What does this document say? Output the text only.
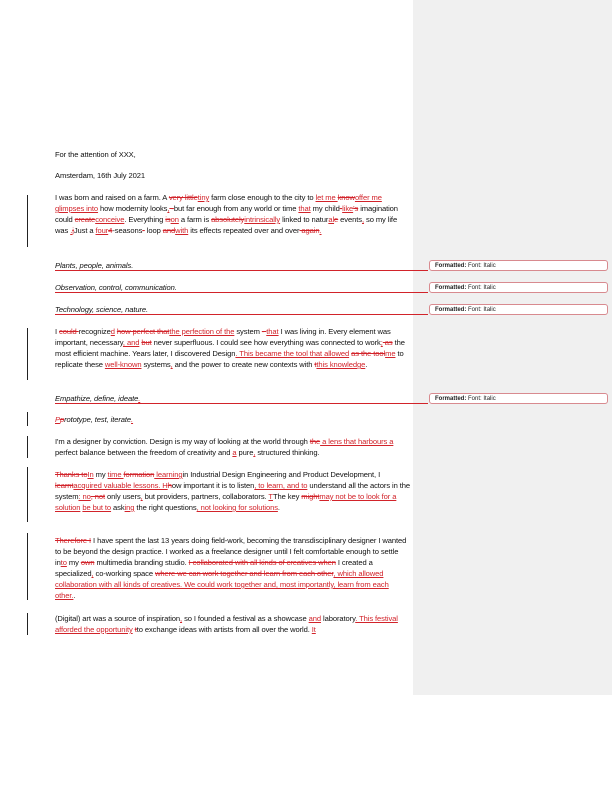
For the attention of XXX,
Amsterdam, 16th July 2021
I was born and raised on a farm. A very littletiny farm close enough to the city to let me knowoffer me glimpses into how modernity looks, -but far enough from any world or time that my child-like's imagination could createconceive. Everything ison a farm is absolutelyintrinsically linked to naturale events, so my life was .jJust a four4-seasons- loop andwith its effects repeated over and over again.
Plants, people, animals.
Observation, control, communication.
Technology, science, nature.
I could recognized how perfect thatthe perfection of the system - that I was living in. Every element was important, necessary, and but never superfluous. I could see how everything was connected to work; as the most efficient machine. Years later, I discovered Design. This became the tool that allowed as the toolme to replicate these well-known systems, and the power to create new contexts with tthis knowledge.
Empathize, define, ideate.
Pprototype, test, iterate.
I'm a designer by conviction. Design is my way of looking at the world through the a lens that harbours a perfect balance between the freedom of creativity and a pure, structured thinking.
Thanks toIn my time formation learningin Industrial Design Engineering and Product Development, I learntacquired valuable lessons. Hhow important it is to listen, to learn, and to understand all the actors in the system: no, not only users, but providers, partners, collaborators. TThe key mightmay not be to look for a solution be but to asking the right questions, not looking for solutions.
Therefore I I have spent the last 13 years doing field-work, becoming the transdisciplinary designer I wanted to be beyond the design practice. I worked as a freelance designer until I felt comfortable enough to settle into my own multimedia branding studio. I collaborated with all kinds of creatives when I created a specialized, co-working space where we can work together and learn from each other, which allowed collaboration with all kinds of creatives. We could work together and, most importantly, learn from each other..
(Digital) art was a source of inspiration, so I founded a festival as a showcase and laboratory. This festival afforded the opportunity tto exchange ideas with artists from all over the world. It
Formatted: Font: Italic
Formatted: Font: Italic
Formatted: Font: Italic
Formatted: Font: Italic
